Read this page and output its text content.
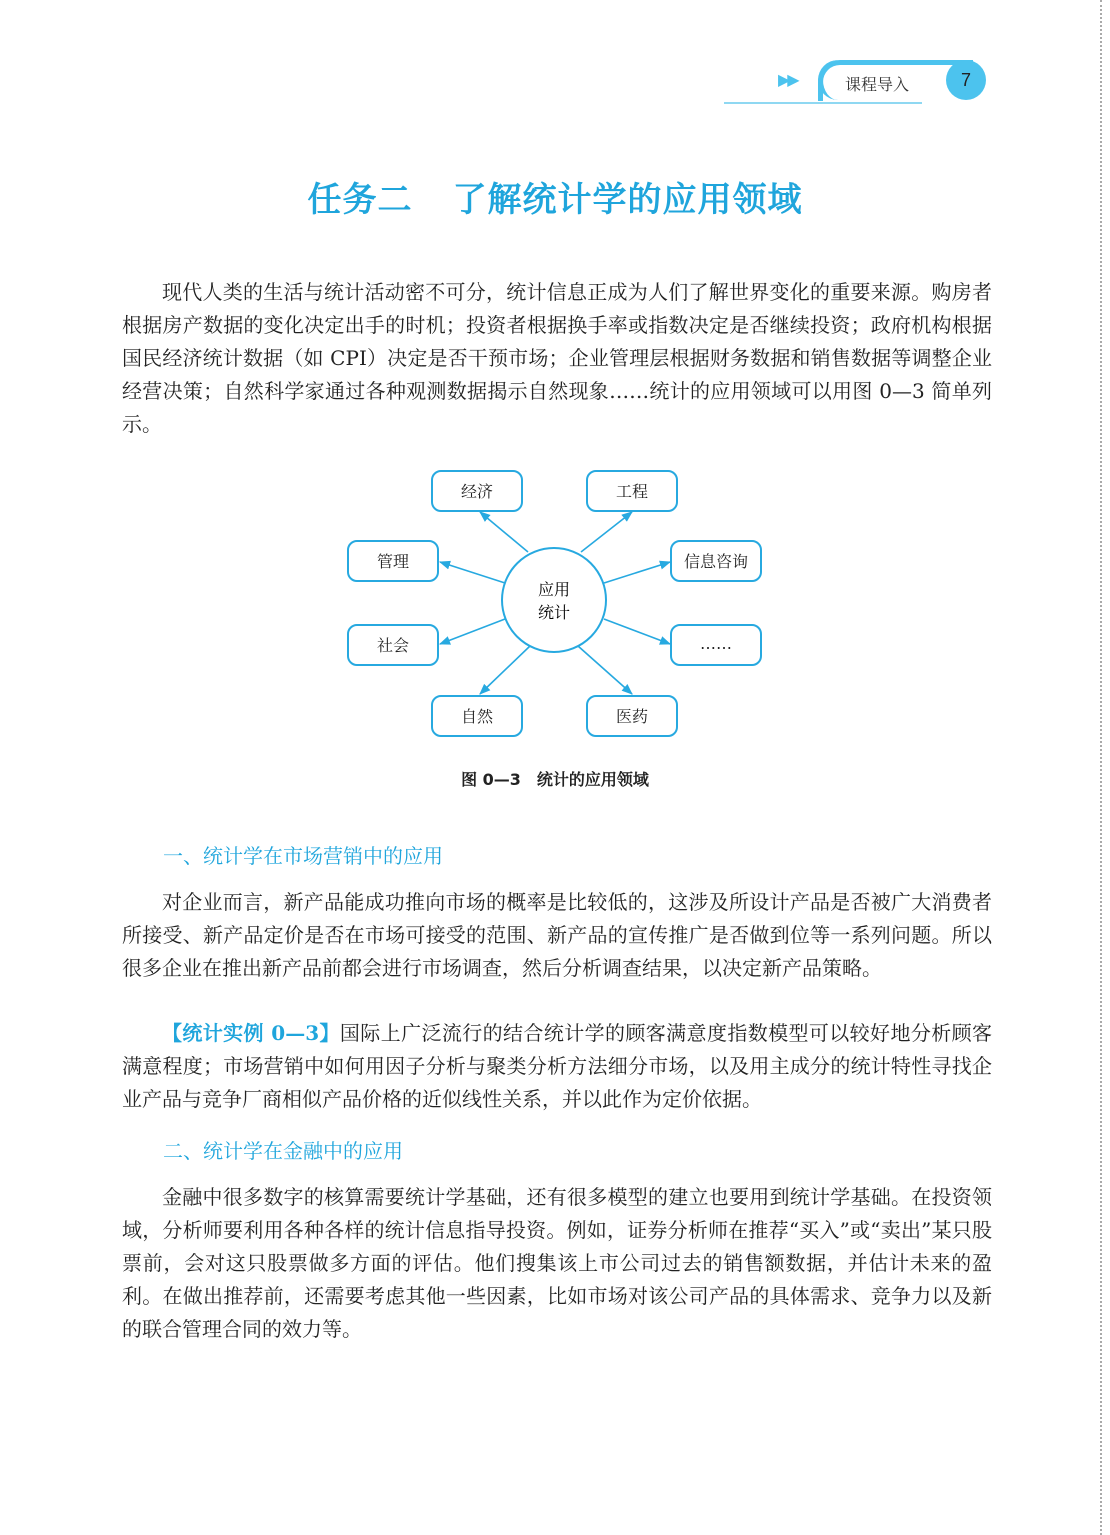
▶▶	课程导入	7
任务二 了解统计学的应用领域

现代人类的生活与统计活动密不可分，统计信息正成为人们了解世界变化的重要来源。购房者根据房产数据的变化决定出手的时机；投资者根据换手率或指数决定是否继续投资；政府机构根据国民经济统计数据（如 CPI）决定是否干预市场；企业管理层根据财务数据和销售数据等调整企业经营决策；自然科学家通过各种观测数据揭示自然现象……统计的应用领域可以用图 0—3 简单列示。

应用
统计
经济	工程
管理	信息咨询
社会	……
自然	医药
图 0—3　统计的应用领域
一、统计学在市场营销中的应用

对企业而言，新产品能成功推向市场的概率是比较低的，这涉及所设计产品是否被广大消费者所接受、新产品定价是否在市场可接受的范围、新产品的宣传推广是否做到位等一系列问题。所以很多企业在推出新产品前都会进行市场调查，然后分析调查结果，以决定新产品策略。

【统计实例 0—3】国际上广泛流行的结合统计学的顾客满意度指数模型可以较好地分析顾客满意程度；市场营销中如何用因子分析与聚类分析方法细分市场，以及用主成分的统计特性寻找企业产品与竞争厂商相似产品价格的近似线性关系，并以此作为定价依据。

二、统计学在金融中的应用

金融中很多数字的核算需要统计学基础，还有很多模型的建立也要用到统计学基础。在投资领域，分析师要利用各种各样的统计信息指导投资。例如，证券分析师在推荐“买入”或“卖出”某只股票前，会对这只股票做多方面的评估。他们搜集该上市公司过去的销售额数据，并估计未来的盈利。在做出推荐前，还需要考虑其他一些因素，比如市场对该公司产品的具体需求、竞争力以及新的联合管理合同的效力等。
